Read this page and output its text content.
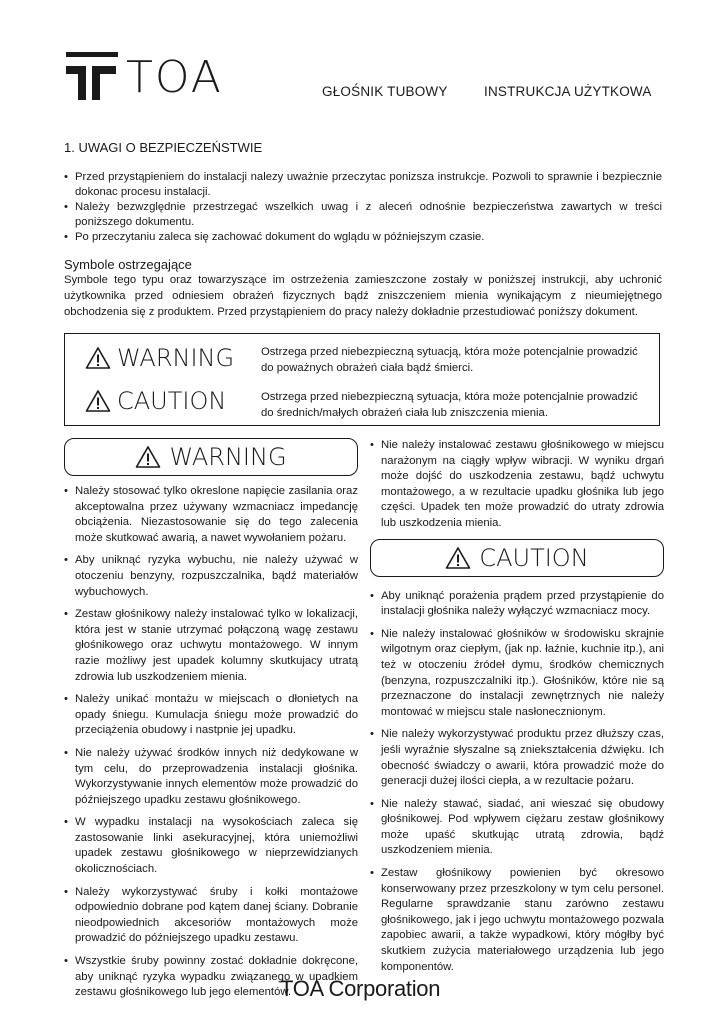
TOA	GŁOŚNIK TUBOWY	INSTRUKCJA UŻYTKOWA
1. UWAGI O BEZPIECZEŃSTWIE
• Przed przystąpieniem do instalacji nalezy uważnie przeczytac ponizsza instrukcje. Pozwoli to sprawnie i bezpiecznie dokonac procesu instalacji.
• Należy bezwzględnie przestrzegać wszelkich uwag i z aleceń odnośnie bezpieczeństwa zawartych w treści poniższego dokumentu.
• Po przeczytaniu zaleca się zachować dokument do wglądu w późniejszym czasie.
Symbole ostrzegające
Symbole tego typu oraz towarzyszące im ostrzeżenia zamieszczone zostały w poniższej instrukcji, aby uchronić użytkownika przed odniesiem obrażeń fizycznych bądź zniszczeniem mienia wynikającym z nieumiejętnego obchodzenia się z produktem. Przed przystąpieniem do pracy należy dokładnie przestudiować poniższy dokument.
WARNING Ostrzega przed niebezpieczną sytuacją, która może potencjalnie prowadzić do poważnych obrażeń ciała bądź śmierci.
CAUTION	Ostrzega przed niebezpieczną sytuacja, która może potencjalnie prowadzić do średnich/małych obrażeń ciała lub zniszczenia mienia.
WARNING
• Należy stosować tylko okreslone napięcie zasilania oraz akceptowalna przez używany wzmacniacz impedancję obciążenia. Niezastosowanie się do tego zalecenia może skutkować awarią, a nawet wywołaniem pożaru.
• Aby uniknąć ryzyka wybuchu, nie należy używać w otoczeniu benzyny, rozpuszczalnika, bądź materiałów wybuchowych.
• Zestaw głośnikowy należy instalować tylko w lokalizacji, która jest w stanie utrzymać połączoną wagę zestawu głośnikowego oraz uchwytu montażowego. W innym razie możliwy jest upadek kolumny skutkujacy utratą zdrowia lub uszkodzeniem mienia.
• Należy unikać montażu w miejscach o dłonietych na opady śniegu. Kumulacja śniegu może prowadzić do przeciążenia obudowy i nastpnie jej upadku.
• Nie należy używać środków innych niż dedykowane w tym celu, do przeprowadzenia instalacji głośnika. Wykorzystywanie innych elementów może prowadzić do późniejszego upadku zestawu głośnikowego.
• W wypadku instalacji na wysokościach zaleca się zastosowanie linki asekuracyjnej, która uniemożliwi upadek zestawu głośnikowego w nieprzewidzianych okolicznościach.
• Należy wykorzystywać śruby i kołki montażowe odpowiednio dobrane pod kątem danej ściany. Dobranie nieodpowiednich akcesoriów montażowych może prowadzić do późniejszego upadku zestawu.
• Wszystkie śruby powinny zostać dokładnie dokręcone, aby uniknąć ryzyka wypadku związanego w upadkiem zestawu głośnikowego lub jego elementów.
• Nie należy instalować zestawu głośnikowego w miejscu narażonym na ciągły wpływ wibracji. W wyniku drgań może dojść do uszkodzenia zestawu, bądź uchwytu montażowego, a w rezultacie upadku głośnika lub jego części. Upadek ten może prowadzić do utraty zdrowia lub uszkodzenia mienia.
CAUTION
• Aby uniknąć porażenia prądem przed przystąpienie do instalacji głośnika należy wyłączyć wzmacniacz mocy.
• Nie należy instalować głośników w środowisku skrajnie wilgotnym oraz ciepłym, (jak np. łaźnie, kuchnie itp.), ani też w otoczeniu źródeł dymu, środków chemicznych (benzyna, rozpuszczalniki itp.). Głośników, które nie są przeznaczone do instalacji zewnętrznych nie należy montować w miejscu stale nasłonecznionym.
• Nie należy wykorzystywać produktu przez dłuższy czas, jeśli wyraźnie słyszalne są zniekształcenia dźwięku. Ich obecność świadczy o awarii, która prowadzić może do generacji dużej ilości ciepła, a w rezultacie pożaru.
• Nie należy stawać, siadać, ani wieszać się obudowy głośnikowej. Pod wpływem ciężaru zestaw głośnikowy może upaść skutkując utratą zdrowia, bądź uszkodzeniem mienia.
• Zestaw głośnikowy powienien być okresowo konserwowany przez przeszkolony w tym celu personel. Regularne sprawdzanie stanu zarówno zestawu głośnikowego, jak i jego uchwytu montażowego pozwala zapobiec awarii, a także wypadkowi, który mógłby być skutkiem zużycia materiałowego urządzenia lub jego komponentów.
TOA Corporation
